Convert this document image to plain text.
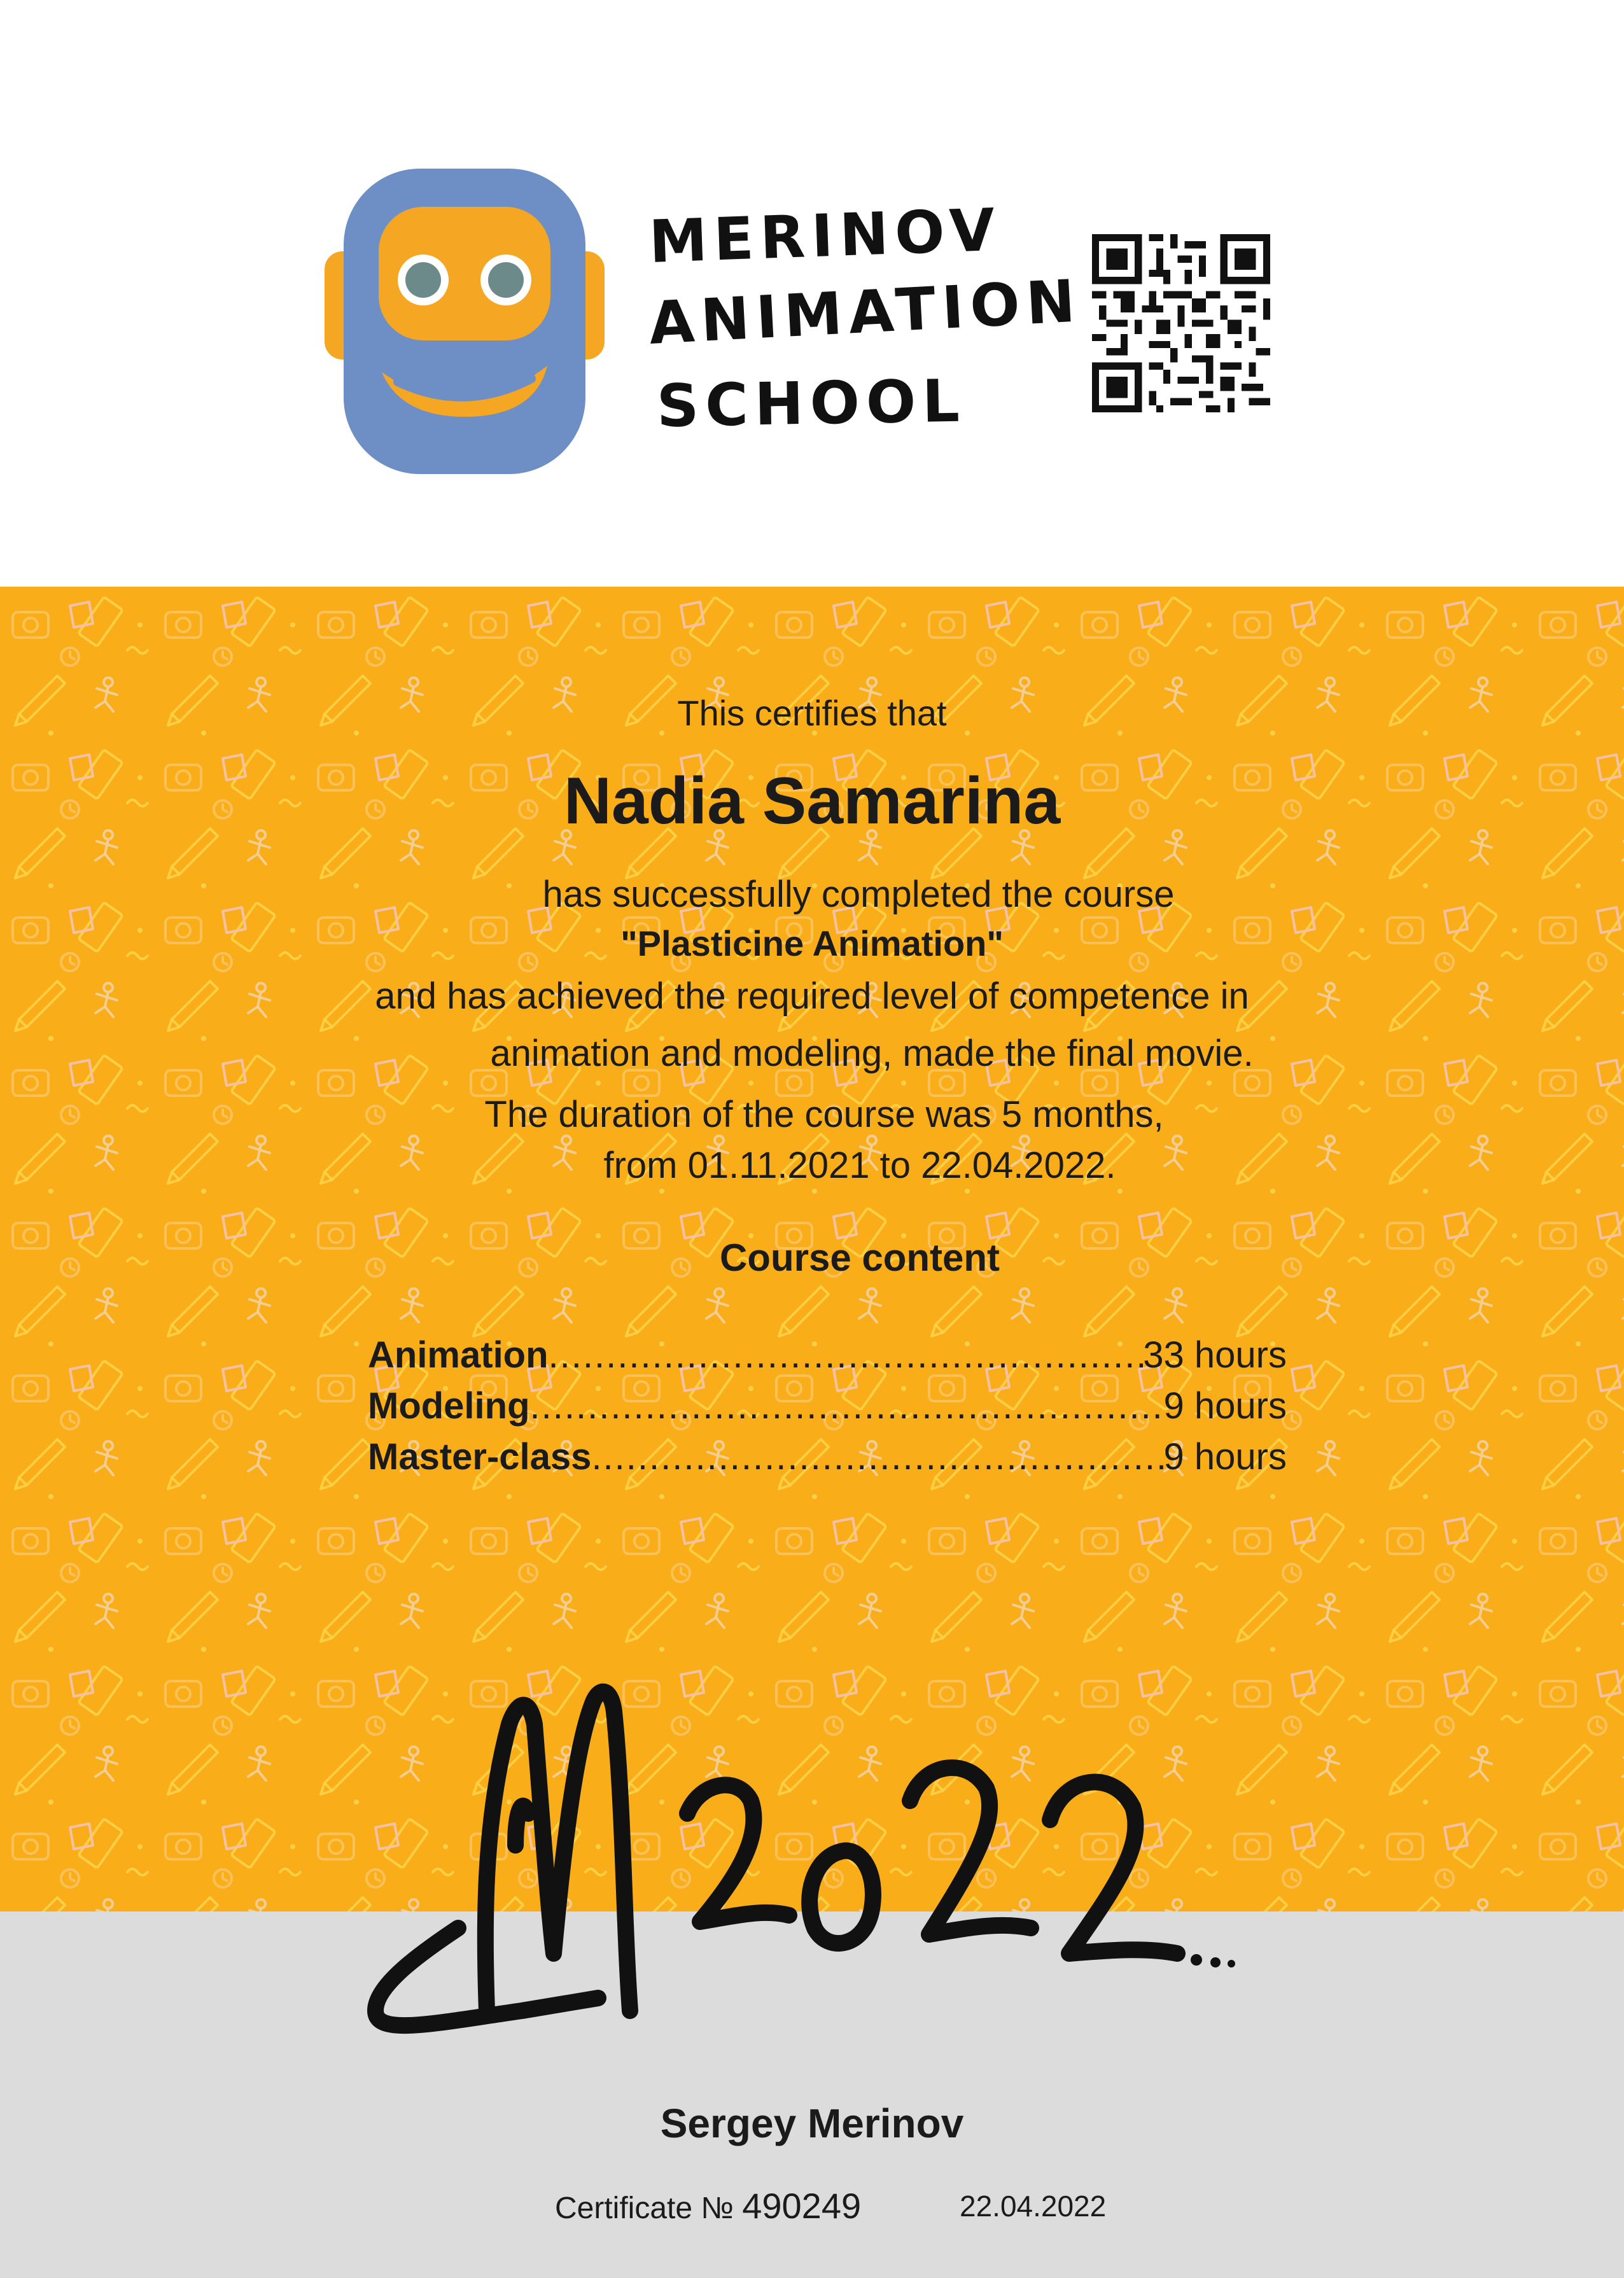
MERINOV
ANIMATION
SCHOOL
This certifies that
Nadia Samarina
has successfully completed the course
"Plasticine Animation"
and has achieved the required level of competence in
animation and modeling, made the final movie.
The duration of the course was 5 months,
from 01.11.2021 to 22.04.2022.
Course content
Animation .....	33 hours
Modeling .....	9 hours
Master-class .....	9 hours
Sergey Merinov
Certificate № 490249	22.04.2022
